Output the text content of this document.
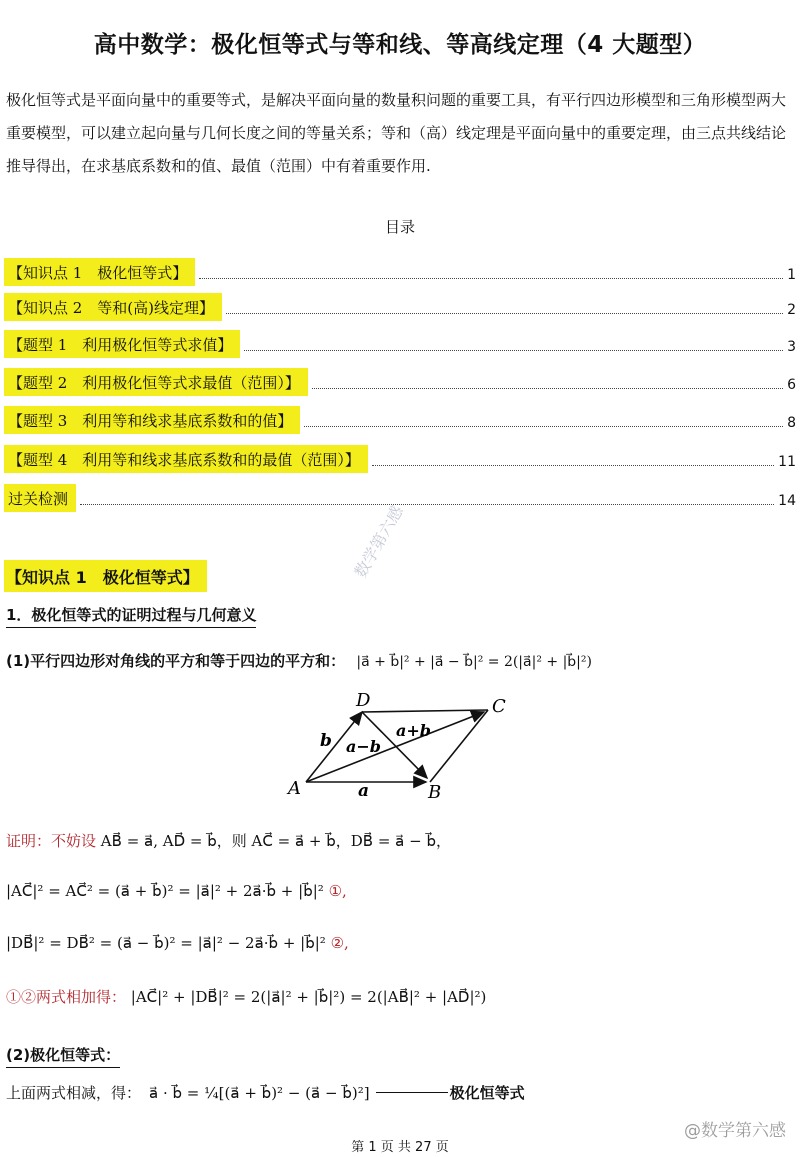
高中数学：极化恒等式与等和线、等高线定理（4 大题型）
极化恒等式是平面向量中的重要等式，是解决平面向量的数量积问题的重要工具，有平行四边形模型和三角形模型两大重要模型，可以建立起向量与几何长度之间的等量关系；等和（高）线定理是平面向量中的重要定理，由三点共线结论推导得出，在求基底系数和的值、最值（范围）中有着重要作用.
目录
【知识点 1　极化恒等式】	1
【知识点 2　等和(高)线定理】	2
【题型 1　利用极化恒等式求值】	3
【题型 2　利用极化恒等式求最值（范围）】	6
【题型 3　利用等和线求基底系数和的值】	8
【题型 4　利用等和线求基底系数和的最值（范围）】	11
过关检测	14
【知识点 1　极化恒等式】	数学第六感
1．极化恒等式的证明过程与几何意义
(1)平行四边形对角线的平方和等于四边的平方和： |a⃗ + b⃗|² + |a⃗ − b⃗|² = 2(|a⃗|² + |b⃗|²)
A	B
C
D
a
b a−b
a+b
证明：不妨设 AB⃗ = a⃗, AD⃗ = b⃗，则 AC⃗ = a⃗ + b⃗，DB⃗ = a⃗ − b⃗，
|AC⃗|² = AC⃗² = (a⃗ + b⃗)² = |a⃗|² + 2a⃗·b⃗ + |b⃗|² ①,
|DB⃗|² = DB⃗² = (a⃗ − b⃗)² = |a⃗|² − 2a⃗·b⃗ + |b⃗|² ②,
①②两式相加得： |AC⃗|² + |DB⃗|² = 2(|a⃗|² + |b⃗|²) = 2(|AB⃗|² + |AD⃗|²)
(2)极化恒等式：
上面两式相减，得： a⃗ · b⃗ = ¼[(a⃗ + b⃗)² − (a⃗ − b⃗)²]	极化恒等式
@数学第六感
第 1 页 共 27 页
